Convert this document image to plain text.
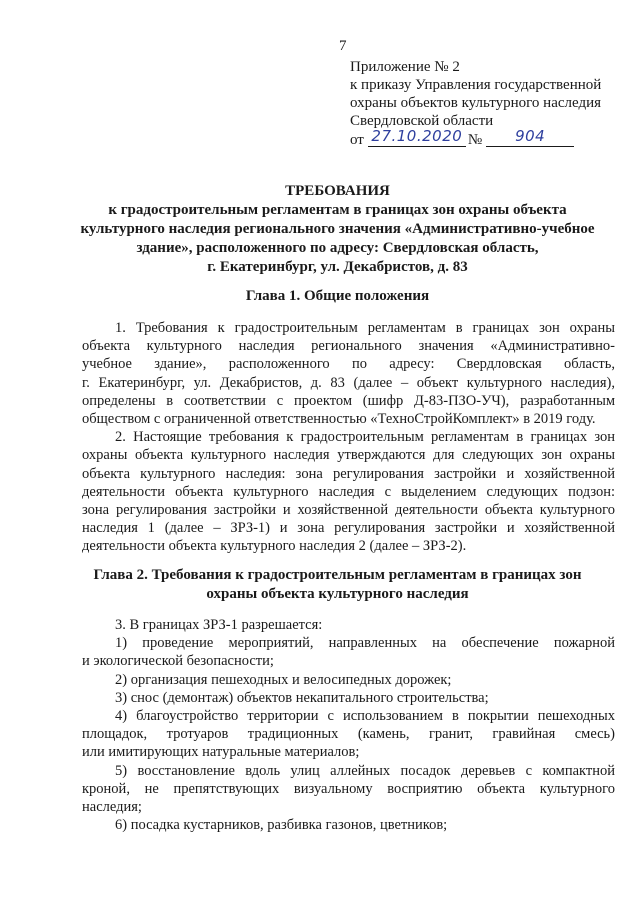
7
Приложение № 2
к приказу Управления государственной
охраны объектов культурного наследия
Свердловской области
от 27.10.2020 № 904
ТРЕБОВАНИЯ
к градостроительным регламентам в границах зон охраны объекта
культурного наследия регионального значения «Административно-учебное
здание», расположенного по адресу: Свердловская область,
г. Екатеринбург, ул. Декабристов, д. 83
Глава 1. Общие положения
1. Требования к градостроительным регламентам в границах зон охраны
объекта культурного наследия регионального значения «Административно-
учебное здание», расположенного по адресу: Свердловская область,
г. Екатеринбург, ул. Декабристов, д. 83 (далее – объект культурного наследия),
определены в соответствии с проектом (шифр Д-83-ПЗО-УЧ), разработанным
обществом с ограниченной ответственностью «ТехноСтройКомплект» в 2019 году.
2. Настоящие требования к градостроительным регламентам в границах зон
охраны объекта культурного наследия утверждаются для следующих зон охраны
объекта культурного наследия: зона регулирования застройки и хозяйственной
деятельности объекта культурного наследия с выделением следующих подзон:
зона регулирования застройки и хозяйственной деятельности объекта культурного
наследия 1 (далее – ЗРЗ-1) и зона регулирования застройки и хозяйственной
деятельности объекта культурного наследия 2 (далее – ЗРЗ-2).
Глава 2. Требования к градостроительным регламентам в границах зон
охраны объекта культурного наследия
3. В границах ЗРЗ-1 разрешается:
1) проведение мероприятий, направленных на обеспечение пожарной
и экологической безопасности;
2) организация пешеходных и велосипедных дорожек;
3) снос (демонтаж) объектов некапитального строительства;
4) благоустройство территории с использованием в покрытии пешеходных
площадок, тротуаров традиционных (камень, гранит, гравийная смесь)
или имитирующих натуральные материалов;
5) восстановление вдоль улиц аллейных посадок деревьев с компактной
кроной, не препятствующих визуальному восприятию объекта культурного
наследия;
6) посадка кустарников, разбивка газонов, цветников;
